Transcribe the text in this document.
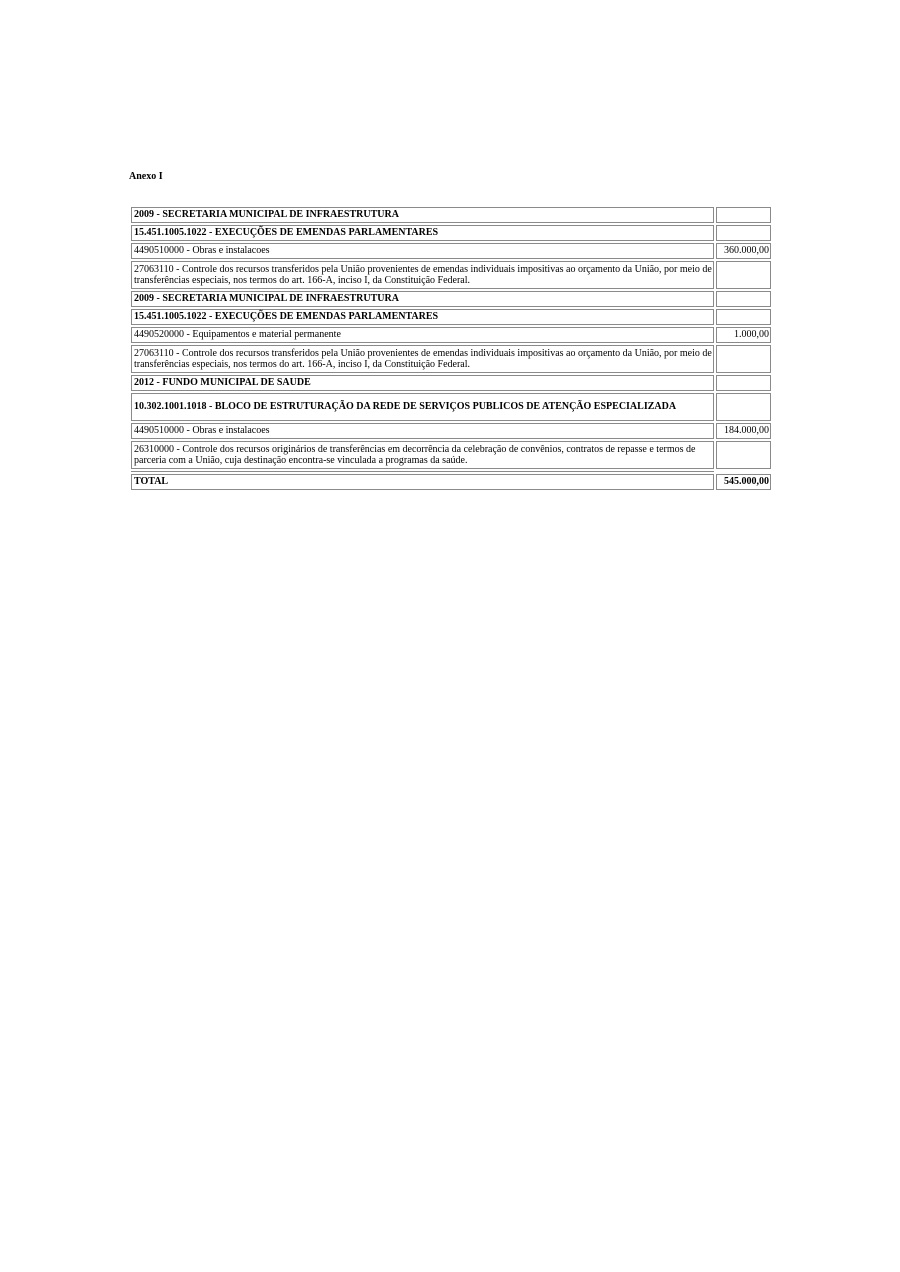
Anexo I
2009 - SECRETARIA MUNICIPAL DE INFRAESTRUTURA	
15.451.1005.1022 - EXECUÇÕES DE EMENDAS PARLAMENTARES	
4490510000 - Obras e instalacoes	360.000,00
27063110 - Controle dos recursos transferidos pela União provenientes de emendas individuais impositivas ao orçamento da União, por meio de transferências especiais, nos termos do art. 166-A, inciso I, da Constituição Federal.	
2009 - SECRETARIA MUNICIPAL DE INFRAESTRUTURA	
15.451.1005.1022 - EXECUÇÕES DE EMENDAS PARLAMENTARES	
4490520000 - Equipamentos e material permanente	1.000,00
27063110 - Controle dos recursos transferidos pela União provenientes de emendas individuais impositivas ao orçamento da União, por meio de transferências especiais, nos termos do art. 166-A, inciso I, da Constituição Federal.	
2012 - FUNDO MUNICIPAL DE SAUDE	
10.302.1001.1018 - BLOCO DE ESTRUTURAÇÃO DA REDE DE SERVIÇOS PUBLICOS DE ATENÇÃO ESPECIALIZADA	
4490510000 - Obras e instalacoes	184.000,00
26310000 - Controle dos recursos originários de transferências em decorrência da celebração de convênios, contratos de repasse e termos de parceria com a União, cuja destinação encontra-se vinculada a programas da saúde.	

TOTAL	545.000,00
